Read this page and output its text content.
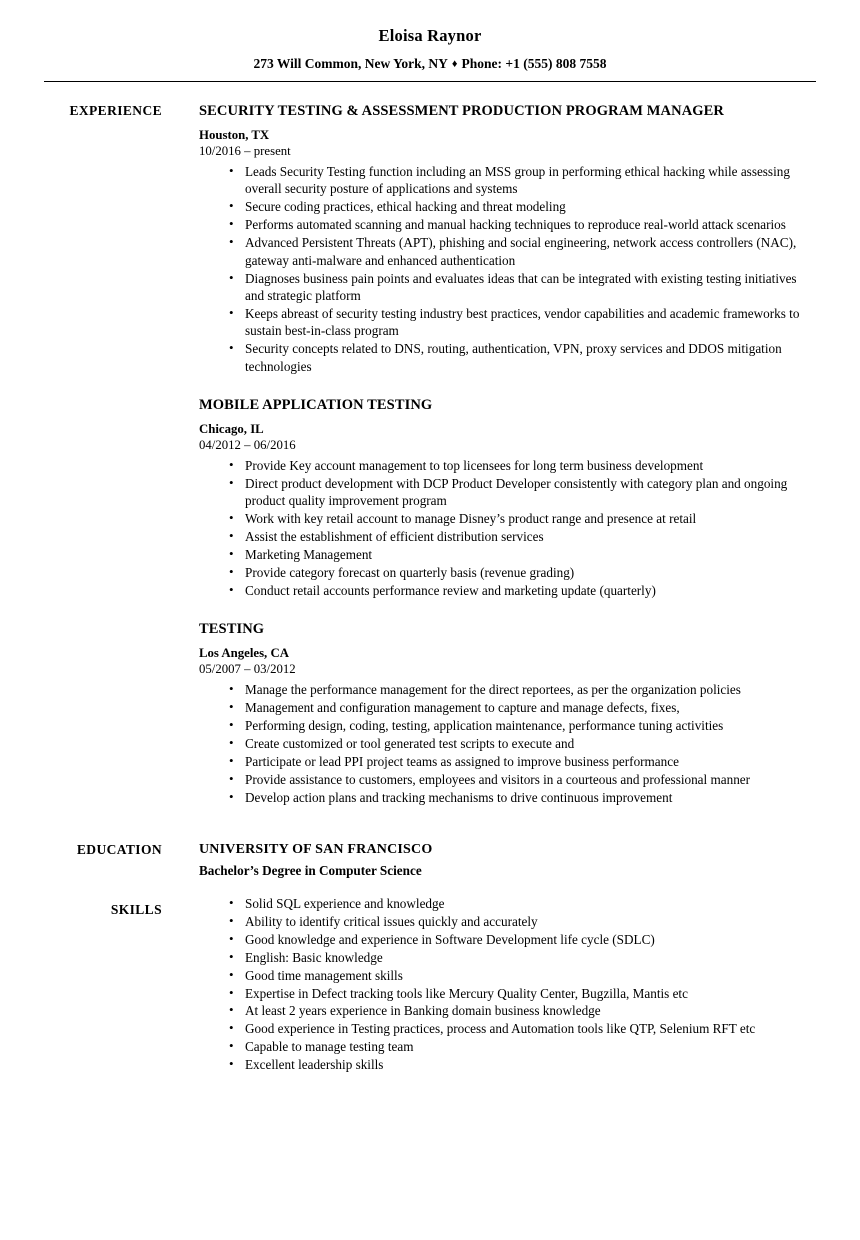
Eloisa Raynor
273 Will Common, New York, NY ♦ Phone: +1 (555) 808 7558
EXPERIENCE	SECURITY TESTING & ASSESSMENT PRODUCTION PROGRAM MANAGER
Houston, TX
10/2016 – present
• Leads Security Testing function including an MSS group in performing ethical hacking while assessing overall security posture of applications and systems
• Secure coding practices, ethical hacking and threat modeling
• Performs automated scanning and manual hacking techniques to reproduce real-world attack scenarios
• Advanced Persistent Threats (APT), phishing and social engineering, network access controllers (NAC), gateway anti-malware and enhanced authentication
• Diagnoses business pain points and evaluates ideas that can be integrated with existing testing initiatives and strategic platform
• Keeps abreast of security testing industry best practices, vendor capabilities and academic frameworks to sustain best-in-class program
• Security concepts related to DNS, routing, authentication, VPN, proxy services and DDOS mitigation technologies
MOBILE APPLICATION TESTING
Chicago, IL
04/2012 – 06/2016
• Provide Key account management to top licensees for long term business development
• Direct product development with DCP Product Developer consistently with category plan and ongoing product quality improvement program
• Work with key retail account to manage Disney’s product range and presence at retail
• Assist the establishment of efficient distribution services
• Marketing Management
• Provide category forecast on quarterly basis (revenue grading)
• Conduct retail accounts performance review and marketing update (quarterly)
TESTING
Los Angeles, CA
05/2007 – 03/2012
• Manage the performance management for the direct reportees, as per the organization policies
• Management and configuration management to capture and manage defects, fixes,
• Performing design, coding, testing, application maintenance, performance tuning activities
• Create customized or tool generated test scripts to execute and
• Participate or lead PPI project teams as assigned to improve business performance
• Provide assistance to customers, employees and visitors in a courteous and professional manner
• Develop action plans and tracking mechanisms to drive continuous improvement
EDUCATION	UNIVERSITY OF SAN FRANCISCO
Bachelor’s Degree in Computer Science
SKILLS	• Solid SQL experience and knowledge
• Ability to identify critical issues quickly and accurately
• Good knowledge and experience in Software Development life cycle (SDLC)
• English: Basic knowledge
• Good time management skills
• Expertise in Defect tracking tools like Mercury Quality Center, Bugzilla, Mantis etc
• At least 2 years experience in Banking domain business knowledge
• Good experience in Testing practices, process and Automation tools like QTP, Selenium RFT etc
• Capable to manage testing team
• Excellent leadership skills
